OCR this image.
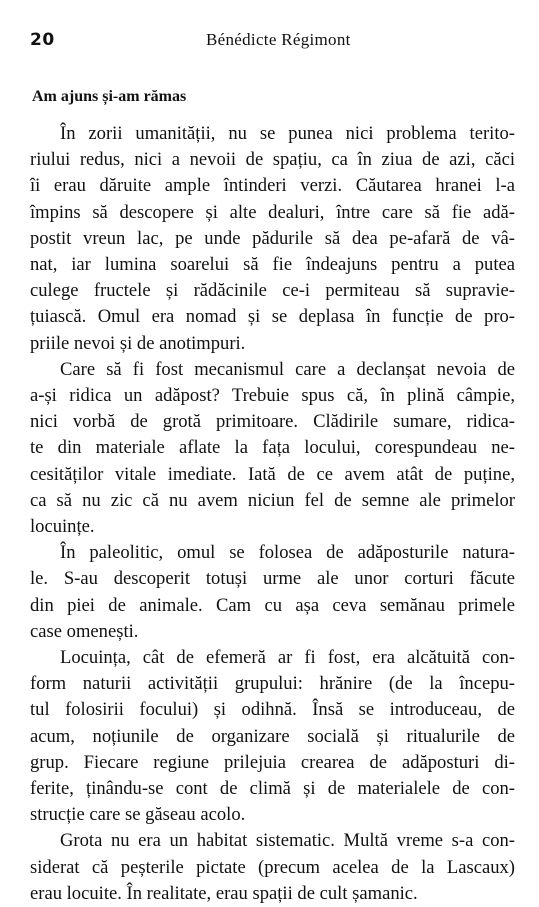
20	Bénédicte Régimont
Am ajuns și-am rămas
În zorii umanității, nu se punea nici problema terito-
riului redus, nici a nevoii de spațiu, ca în ziua de azi, căci
îi erau dăruite ample întinderi verzi. Căutarea hranei l-a
împins să descopere și alte dealuri, între care să fie adă-
postit vreun lac, pe unde pădurile să dea pe-afară de vâ-
nat, iar lumina soarelui să fie îndeajuns pentru a putea
culege fructele și rădăcinile ce-i permiteau să supravie-
țuiască. Omul era nomad și se deplasa în funcție de pro-
priile nevoi și de anotimpuri.
Care să fi fost mecanismul care a declanșat nevoia de
a-și ridica un adăpost? Trebuie spus că, în plină câmpie,
nici vorbă de grotă primitoare. Clădirile sumare, ridica-
te din materiale aflate la fața locului, corespundeau ne-
cesităților vitale imediate. Iată de ce avem atât de puține,
ca să nu zic că nu avem niciun fel de semne ale primelor
locuințe.
În paleolitic, omul se folosea de adăposturile natura-
le. S-au descoperit totuși urme ale unor corturi făcute
din piei de animale. Cam cu așa ceva semănau primele
case omenești.
Locuința, cât de efemeră ar fi fost, era alcătuită con-
form naturii activității grupului: hrănire (de la începu-
tul folosirii focului) și odihnă. Însă se introduceau, de
acum, noțiunile de organizare socială și ritualurile de
grup. Fiecare regiune prilejuia crearea de adăposturi di-
ferite, ținându-se cont de climă și de materialele de con-
strucție care se găseau acolo.
Grota nu era un habitat sistematic. Multă vreme s-a con-
siderat că peșterile pictate (precum acelea de la Lascaux)
erau locuite. În realitate, erau spații de cult șamanic.
